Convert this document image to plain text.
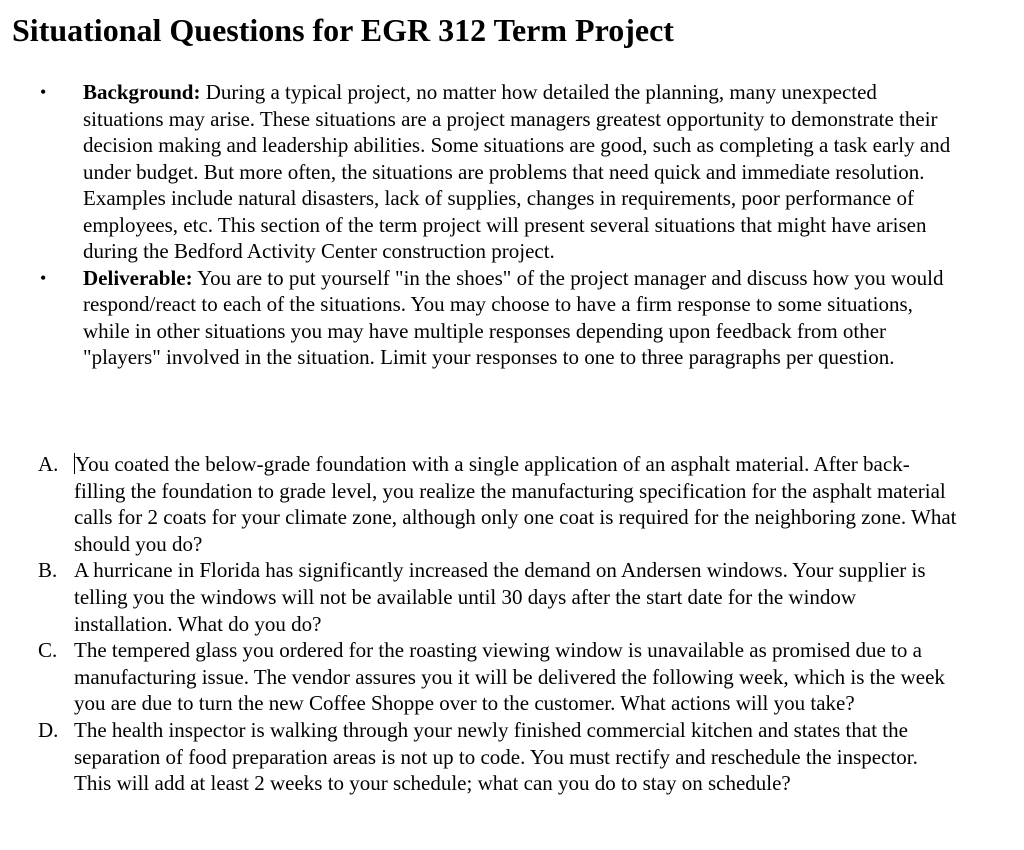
Situational Questions for EGR 312 Term Project
•	Background: During a typical project, no matter how detailed the planning, many unexpected situations may arise. These situations are a project managers greatest opportunity to demonstrate their decision making and leadership abilities. Some situations are good, such as completing a task early and under budget. But more often, the situations are problems that need quick and immediate resolution. Examples include natural disasters, lack of supplies, changes in requirements, poor performance of employees, etc. This section of the term project will present several situations that might have arisen during the Bedford Activity Center construction project.
•	Deliverable: You are to put yourself "in the shoes" of the project manager and discuss how you would respond/react to each of the situations. You may choose to have a firm response to some situations, while in other situations you may have multiple responses depending upon feedback from other "players" involved in the situation. Limit your responses to one to three paragraphs per question.
A. You coated the below-grade foundation with a single application of an asphalt material. After back-filling the foundation to grade level, you realize the manufacturing specification for the asphalt material calls for 2 coats for your climate zone, although only one coat is required for the neighboring zone. What should you do?
B. A hurricane in Florida has significantly increased the demand on Andersen windows. Your supplier is telling you the windows will not be available until 30 days after the start date for the window installation. What do you do?
C. The tempered glass you ordered for the roasting viewing window is unavailable as promised due to a manufacturing issue. The vendor assures you it will be delivered the following week, which is the week you are due to turn the new Coffee Shoppe over to the customer. What actions will you take?
D. The health inspector is walking through your newly finished commercial kitchen and states that the separation of food preparation areas is not up to code. You must rectify and reschedule the inspector. This will add at least 2 weeks to your schedule; what can you do to stay on schedule?
